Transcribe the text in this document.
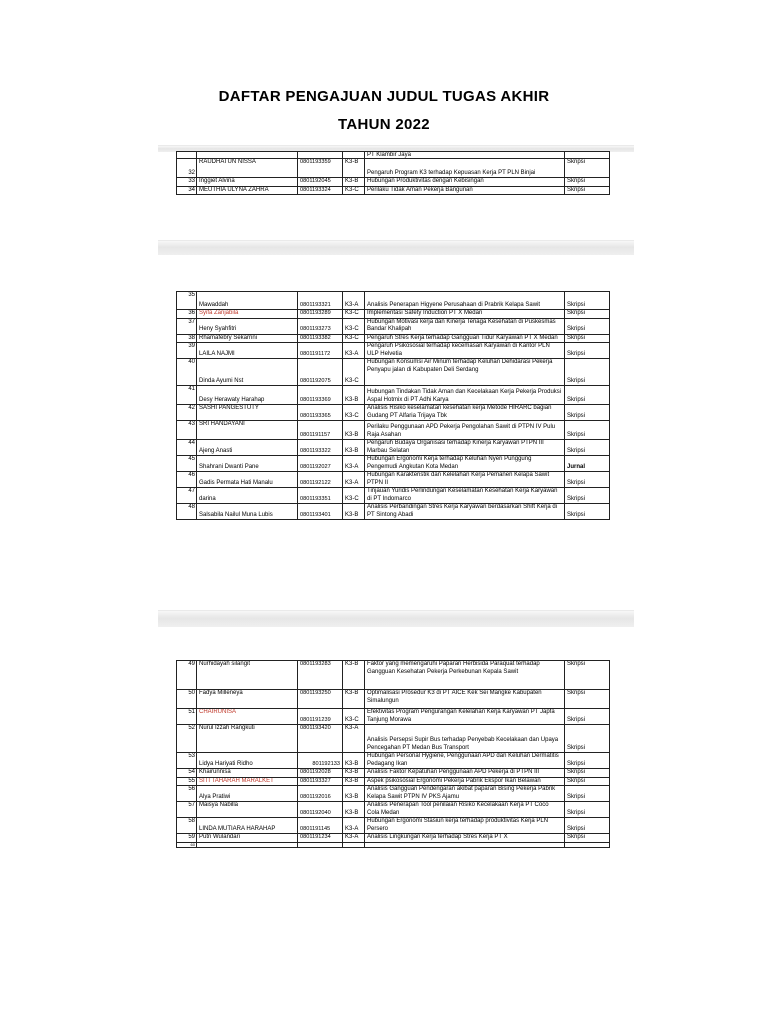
DAFTAR PENGAJUAN JUDUL TUGAS AKHIR
TAHUN 2022
				PT Klambir Jaya	
32	RAUDHATUN NISSA	0801193359	K3-B	Pengaruh Program K3 terhadap Kepuasan Kerja PT PLN Binjai	Skripsi
33	Inggiet Alvina	0801192045	K3-B	Hubungan Produktivitas dengan Kebisingan	Skripsi
34	MEUTHIA ULYNA ZAHRA	0801193324	K3-C	Perilaku Tidak Aman Pekerja Bangunan	Skripsi
35	Mawaddah	0801193321	K3-A	Analisis Penerapan Higyene Perusahaan di Prabrik Kelapa Sawit	Skripsi
36	Syifa Zanjabila	0801193289	K3-C	Implementasi Safety Induction PT X Medan	Skripsi
37	Heny Syahfitri	0801193273	K3-C	Hubungan Motivasi kerja dan Kinerja Tenaga Kesehatan di Puskesmas Bandar Khalipah	Skripsi
38	Rhamafebry Sekarrini	0801193382	K3-C	Pengaruh Stres Kerja terhadap Gangguan Tidur Karyawan PT X Medan	Skripsi
39	LAILA NAJMI	0801191172	K3-A	Pengaruh Psikososial terhadap kecemasan Karyawan di Kantor PLN ULP Helvetia	Skripsi
40	Dinda Ayumi Nst	0801192075	K3-C	Hubungan Konsumsi Air Minum terhadap Keluhan Dehidarasi Pekerja Penyapu jalan di Kabupaten Deli Serdang	Skripsi
41	Desy Herawaty Harahap	0801193369	K3-B	Hubungan Tindakan Tidak Aman dan Kecelakaan Kerja Pekerja Produksi Aspal Hotmix di PT Adhi Karya	Skripsi
42	SASHI PANGESTUTY	0801193365	K3-C	Analisis Risiko keselamatan kesehatan kerja Metode HIRARC bagian Gudang PT Alfaria Trijaya Tbk	Skripsi
43	SRI HANDAYANI	0801191157	K3-B	Perilaku Penggunaan APD Pekerja Pengolahan Sawit di PTPN IV Pulu Raja Asahan	Skripsi
44	Ajeng Anasti	0801193322	K3-B	Pengaruh Budaya Organisasi terhadap Kinerja Karyawan PTPN III Marbau Selatan	Skripsi
45	Shahrani Dwanti Pane	0801192027	K3-A	Hubungan Ergonomi Kerja terhadap Keluhan Nyeri Punggung Pengemudi Angkutan Kota Medan	Jurnal
46	Gadis Permata Hati Manalu	0801192122	K3-A	Hubungan Karakteristik dan Kelelahan Kerja Pemanen Kelapa Sawit PTPN II	Skripsi
47	darina	0801193351	K3-C	Tinjauan Yuridis Perlindungan Keselamatan Kesehatan Kerja Karyawan di PT Indomarco	Skripsi
48	Salsabila Nailul Muna Lubis	0801193401	K3-B	Analisis Perbandingan Stres Kerja Karyawan berdasarkan Shift Kerja di PT Sintong Abadi	Skripsi
49	Nurhidayah silangit	0801193283	K3-B	Faktor yang memengaruhi Paparan Herbisida Paraquat terhadap Gangguan Kesehatan Pekerja Perkebunan Kepala Sawit	Skripsi
50	Fadya Milleneya	0801193250	K3-B	Optimalisasi Prosedur K3 di PT AICE Kek Sei Mangke Kabupaten Simalungun	Skripsi
51	CHAIRUNISA	0801191239	K3-C	Efektivitas Program Pengurangan Kelelahan Kerja Karyawan PT Japfa Tanjung Morawa	Skripsi
52	Nurul Izzah Rangkuti	0801193420	K3-A	Analisis Persepsi Supir Bus terhadap Penyebab Kecelakaan dan Upaya Pencegahan PT Medan Bus Transport	Skripsi
53	Lidya Hariyati Ridho	801192133	K3-B	Hubungan Personal Hygiene, Penggunaan APD dan Keluhan Dermatitis Pedagang Ikan	Skripsi
54	Khairunnisa	0801192028	K3-B	Analisis Faktor Kepatuhan Penggunaan APD Pekerja di PTPN III	Skripsi
55	SITI TAHARAH MARALKET	0801193327	K3-B	Aspek psikososial Ergonomi Pekerja Pabrik Ekspor Ikan Belawan	Skripsi
56	Alya Pratiwi	0801192016	K3-B	Analisis Gangguan Pendengaran akibat paparan Bising Pekerja Pabrik Kelapa Sawit PTPN IV PKS Ajamu	Skripsi
57	Maisya Nabilla	0801192040	K3-B	Analisis Penerapan Tool penilaian Risiko Kecelakaan Kerja PT Coco Cola Medan	Skripsi
58	LINDA MUTIARA HARAHAP	0801191145	K3-A	Hubungan Ergonomi Stasiun kerja terhadap produktivitas Kerja PLN Persero	Skripsi
59	Putri Wulandari	0801191234	K3-A	Analisis Lingkungan Kerja terhadap Stres Kerja PT X	Skripsi
60					
